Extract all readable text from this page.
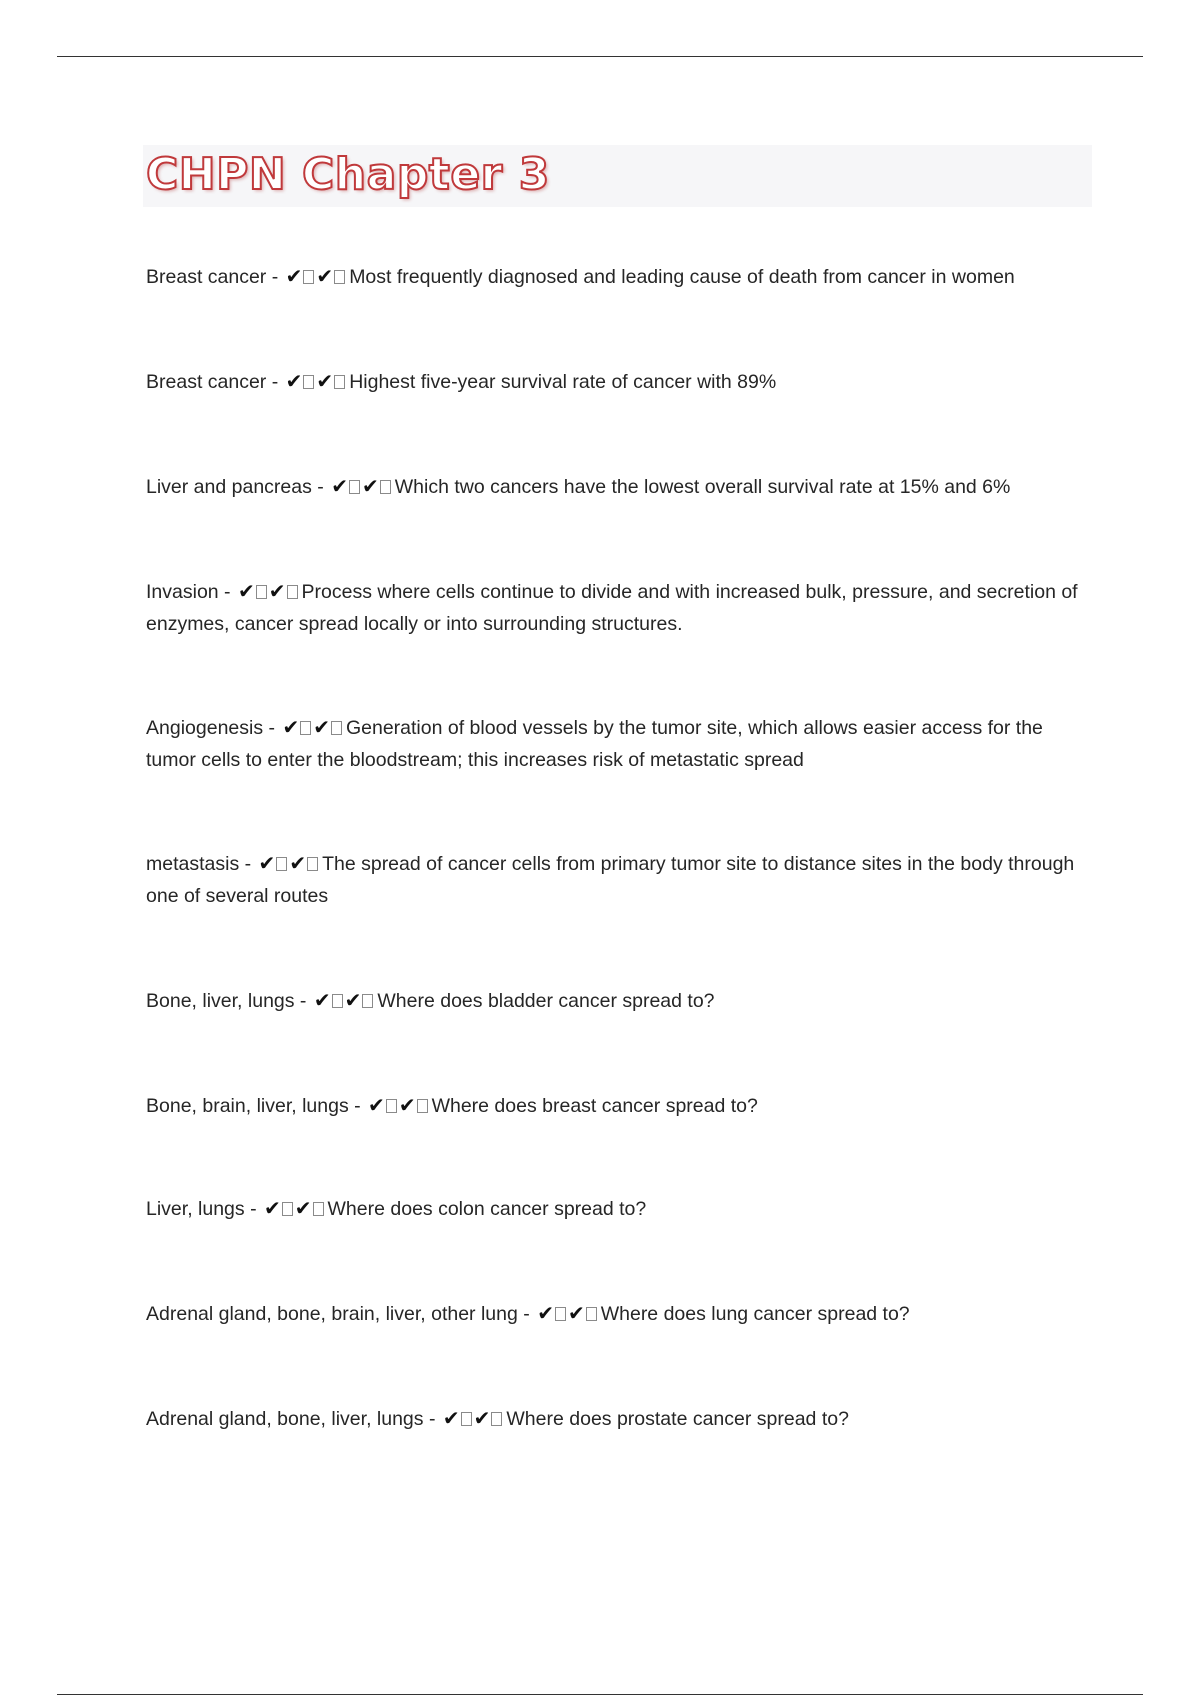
CHPN Chapter 3

Breast cancer - ✔ ✔ Most frequently diagnosed and leading cause of death from cancer in women

Breast cancer - ✔ ✔ Highest five-year survival rate of cancer with 89%

Liver and pancreas - ✔ ✔ Which two cancers have the lowest overall survival rate at 15% and 6%

Invasion - ✔ ✔ Process where cells continue to divide and with increased bulk, pressure, and secretion of enzymes, cancer spread locally or into surrounding structures.

Angiogenesis - ✔ ✔ Generation of blood vessels by the tumor site, which allows easier access for the tumor cells to enter the bloodstream; this increases risk of metastatic spread

metastasis - ✔ ✔ The spread of cancer cells from primary tumor site to distance sites in the body through one of several routes

Bone, liver, lungs - ✔ ✔ Where does bladder cancer spread to?

Bone, brain, liver, lungs - ✔ ✔ Where does breast cancer spread to?

Liver, lungs - ✔ ✔ Where does colon cancer spread to?

Adrenal gland, bone, brain, liver, other lung - ✔ ✔ Where does lung cancer spread to?

Adrenal gland, bone, liver, lungs - ✔ ✔ Where does prostate cancer spread to?
